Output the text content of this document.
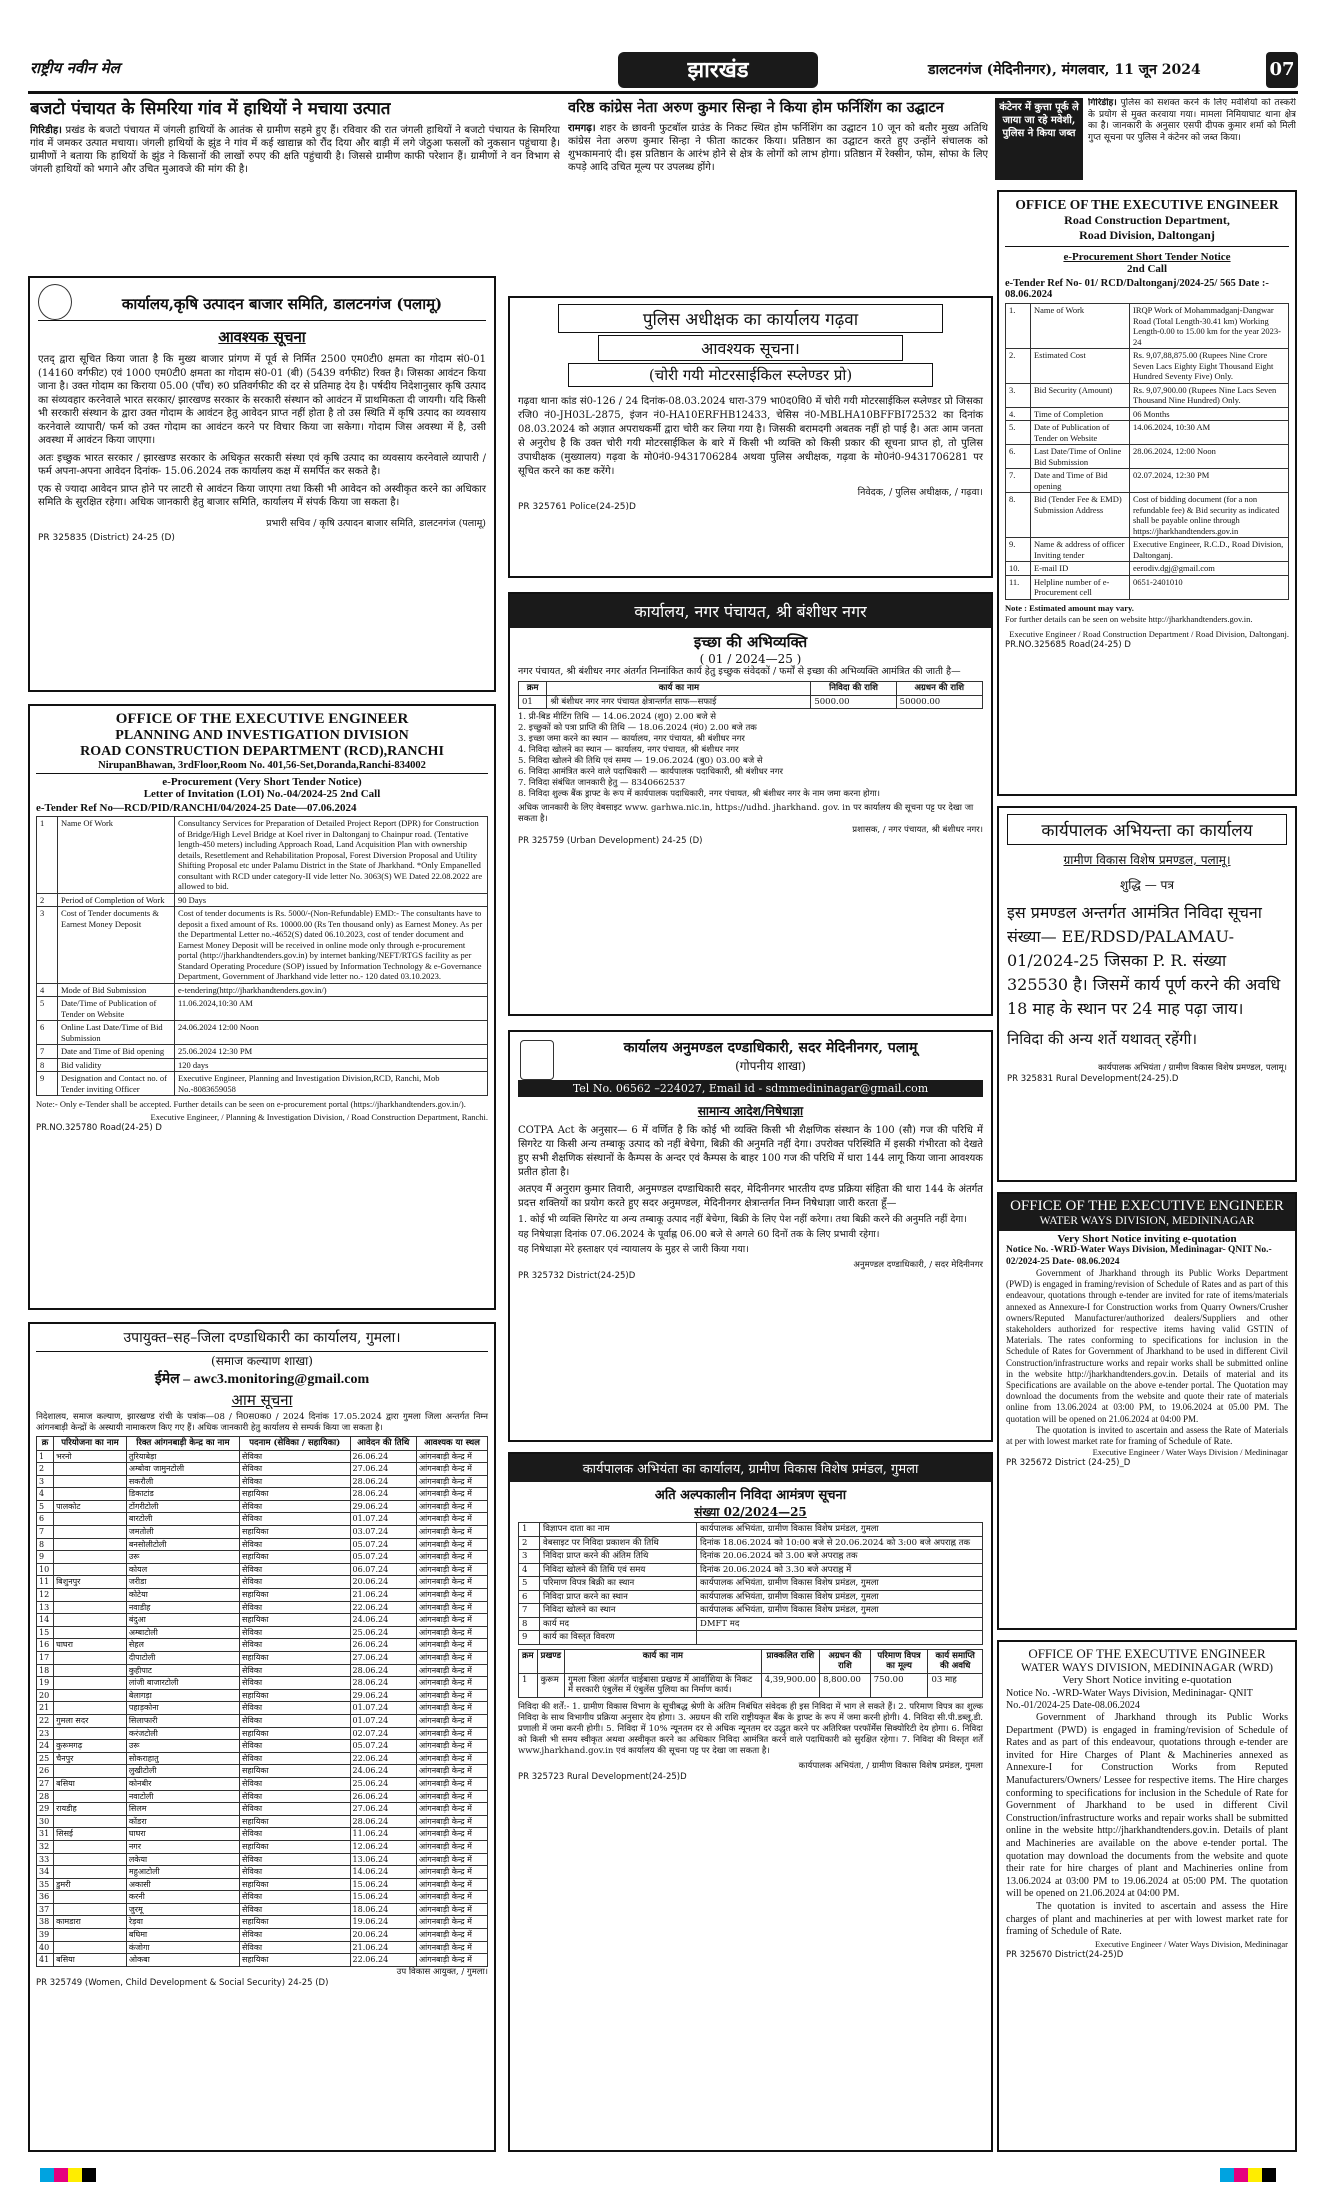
राष्ट्रीय नवीन मेल	झारखंड	डालटनगंज (मेदिनीनगर), मंगलवार, 11 जून 2024	07
बजटो पंचायत के सिमरिया गांव में हाथियों ने मचाया उत्पात
गिरिडीह। प्रखंड के बजटो पंचायत में जंगली हाथियों के आतंक से ग्रामीण सहमे हुए हैं। रविवार की रात जंगली हाथियों ने बजटो पंचायत के सिमरिया गांव में जमकर उत्पात मचाया। जंगली हाथियों के झुंड ने गांव में कई खाद्यान्न को रौंद दिया और बाड़ी में लगे जेठुआ फसलों को नुकसान पहुंचाया है। ग्रामीणों ने बताया कि हाथियों के झुंड ने किसानों की लाखों रुपए की क्षति पहुंचायी है। जिससे ग्रामीण काफी परेशान हैं। ग्रामीणों ने वन विभाग से जंगली हाथियों को भगाने और उचित मुआवजे की मांग की है।
वरिष्ठ कांग्रेस नेता अरुण कुमार सिन्हा ने किया होम फर्निशिंग का उद्घाटन
रामगढ़। शहर के छावनी फुटबॉल ग्राउंड के निकट स्थित होम फर्निशिंग का उद्घाटन 10 जून को बतौर मुख्य अतिथि कांग्रेस नेता अरुण कुमार सिन्हा ने फीता काटकर किया। प्रतिष्ठान का उद्घाटन करते हुए उन्होंने संचालक को शुभकामनाएं दी। इस प्रतिष्ठान के आरंभ होने से क्षेत्र के लोगों को लाभ होगा। प्रतिष्ठान में रेक्सीन, फोम, सोफा के लिए कपड़े आदि उचित मूल्य पर उपलब्ध होंगे।
कंटेनर में कुत्ता पूर्क ले जाया जा रहे मवेशी, पुलिस ने किया जब्त
गिरिडीह। पुलिस को सशक्त करने के लिए मवेशियों को तस्करी के प्रयोग से मुक्त करवाया गया। मामला निमियाघाट थाना क्षेत्र का है। जानकारी के अनुसार एसपी दीपक कुमार शर्मा को मिली गुप्त सूचना पर पुलिस ने कंटेनर को जब्त किया।
कार्यालय,कृषि उत्पादन बाजार समिति, डालटनगंज (पलामू)
आवश्यक सूचना
एतद् द्वारा सूचित किया जाता है कि मुख्य बाजार प्रांगण में पूर्व से निर्मित 2500 एम0टी0 क्षमता का गोदाम सं0-01 (14160 वर्गफीट) एवं 1000 एम0टी0 क्षमता का गोदाम सं0-01 (बी) (5439 वर्गफीट) रिक्त है। जिसका आवंटन किया जाना है। उक्त गोदाम का किराया 05.00 (पाँच) रु0 प्रतिवर्गफीट की दर से प्रतिमाह देय है। पर्षदीय निदेशानुसार कृषि उत्पाद का संव्यवहार करनेवाले भारत सरकार/ झारखण्ड सरकार के सरकारी संस्थान को आवंटन में प्राथमिकता दी जायगी। यदि किसी भी सरकारी संस्थान के द्वारा उक्त गोदाम के आवंटन हेतु आवेदन प्राप्त नहीं होता है तो उस स्थिति में कृषि उत्पाद का व्यवसाय करनेवाले व्यापारी/ फर्म को उक्त गोदाम का आवंटन करने पर विचार किया जा सकेगा। गोदाम जिस अवस्था में है, उसी अवस्था में आवंटन किया जाएगा।
अतः इच्छुक भारत सरकार / झारखण्ड सरकार के अधिकृत सरकारी संस्था एवं कृषि उत्पाद का व्यवसाय करनेवाले व्यापारी / फर्म अपना-अपना आवेदन दिनांक- 15.06.2024 तक कार्यालय कक्ष में समर्पित कर सकते है।
एक से ज्यादा आवेदन प्राप्त होने पर लाटरी से आवंटन किया जाएगा तथा किसी भी आवेदन को अस्वीकृत करने का अधिकार समिति के सुरक्षित रहेगा। अधिक जानकारी हेतु बाजार समिति, कार्यालय में संपर्क किया जा सकता है।
प्रभारी सचिव / कृषि उत्पादन बाजार समिति, डालटनगंज (पलामू)
PR 325835 (District) 24-25 (D)
पुलिस अधीक्षक का कार्यालय गढ़वा
आवश्यक सूचना।
(चोरी गयी मोटरसाईकिल स्प्लेण्डर प्रो)
गढ़वा थाना कांड सं0-126 / 24 दिनांक-08.03.2024 धारा-379 भा0द0वि0 में चोरी गयी मोटरसाईकिल स्प्लेण्डर प्रो जिसका रजि0 नं0-JH03L-2875, इंजन नं0-HA10ERFHB12433, चेसिस नं0-MBLHA10BFFBI72532 का दिनांक 08.03.2024 को अज्ञात अपराधकर्मी द्वारा चोरी कर लिया गया है। जिसकी बरामदगी अबतक नहीं हो पाई है। अतः आम जनता से अनुरोध है कि उक्त चोरी गयी मोटरसाईकिल के बारे में किसी भी व्यक्ति को किसी प्रकार की सूचना प्राप्त हो, तो पुलिस उपाधीक्षक (मुख्यालय) गढ़वा के मो0नं0-9431706284 अथवा पुलिस अधीक्षक, गढ़वा के मो0नं0-9431706281 पर सूचित करने का कष्ट करेंगे।
निवेदक, / पुलिस अधीक्षक, / गढ़वा।
PR 325761 Police(24-25)D
OFFICE OF THE EXECUTIVE ENGINEER
Road Construction Department,
Road Division, Daltonganj
e-Procurement Short Tender Notice
2nd Call
e-Tender Ref No- 01/ RCD/Daltonganj/2024-25/ 565 Date :- 08.06.2024
1.	Name of Work	IRQP Work of Mohammadganj-Dangwar Road (Total Length-30.41 km) Working Length-0.00 to 15.00 km for the year 2023-24
2.	Estimated Cost	Rs. 9,07,88,875.00 (Rupees Nine Crore Seven Lacs Eighty Eight Thousand Eight Hundred Seventy Five) Only.
3.	Bid Security (Amount)	Rs. 9,07,900.00 (Rupees Nine Lacs Seven Thousand Nine Hundred) Only.
4.	Time of Completion	06 Months
5.	Date of Publication of Tender on Website	14.06.2024, 10:30 AM
6.	Last Date/Time of Online Bid Submission	28.06.2024, 12:00 Noon
7.	Date and Time of Bid opening	02.07.2024, 12:30 PM
8.	Bid (Tender Fee & EMD) Submission Address	Cost of bidding document (for a non refundable fee) & Bid security as indicated shall be payable online through https://jharkhandtenders.gov.in
9.	Name & address of officer Inviting tender	Executive Engineer, R.C.D., Road Division, Daltonganj.
10.	E-mail ID	eerodiv.dgj@gmail.com
11.	Helpline number of e-Procurement cell	0651-2401010
Note : Estimated amount may vary.
For further details can be seen on website http://jharkhandtenders.gov.in.
Executive Engineer / Road Construction Department / Road Division, Daltonganj.
PR.NO.325685 Road(24-25) D
OFFICE OF THE EXECUTIVE ENGINEER
PLANNING AND INVESTIGATION DIVISION
ROAD CONSTRUCTION DEPARTMENT (RCD),RANCHI
NirupanBhawan, 3rdFloor,Room No. 401,56-Set,Doranda,Ranchi-834002
e-Procurement (Very Short Tender Notice)
Letter of Invitation (LOI) No.-04/2024-25 2nd Call
e-Tender Ref No—RCD/PID/RANCHI/04/2024-25 Date—07.06.2024
1	Name Of Work	Consultancy Services for Preparation of Detailed Project Report (DPR) for Construction of Bridge/High Level Bridge at Koel river in Daltonganj to Chainpur road. (Tentative length-450 meters) including Approach Road, Land Acquisition Plan with ownership details, Resettlement and Rehabilitation Proposal, Forest Diversion Proposal and Utility Shifting Proposal etc under Palamu District in the State of Jharkhand. *Only Empanelled consultant with RCD under category-II vide letter No. 3063(S) WE Dated 22.08.2022 are allowed to bid.
2	Period of Completion of Work	90 Days
3	Cost of Tender documents & Earnest Money Deposit	Cost of tender documents is Rs. 5000/-(Non-Refundable) EMD:- The consultants have to deposit a fixed amount of Rs. 10000.00 (Rs Ten thousand only) as Earnest Money. As per the Departmental Letter no.-4652(S) dated 06.10.2023, cost of tender document and Earnest Money Deposit will be received in online mode only through e-procurement portal (http://jharkhandtenders.gov.in) by internet banking/NEFT/RTGS facility as per Standard Operating Procedure (SOP) issued by Information Technology & e-Governance Department, Government of Jharkhand vide letter no.- 120 dated 03.10.2023.
4	Mode of Bid Submission	e-tendering(http://jharkhandtenders.gov.in/)
5	Date/Time of Publication of Tender on Website	11.06.2024,10:30 AM
6	Online Last Date/Time of Bid Submission	24.06.2024 12:00 Noon
7	Date and Time of Bid opening	25.06.2024 12:30 PM
8	Bid validity	120 days
9	Designation and Contact no. of Tender inviting Officer	Executive Engineer, Planning and Investigation Division,RCD, Ranchi, Mob No.-8083659058
Note:- Only e-Tender shall be accepted. Further details can be seen on e-procurement portal (https://jharkhandtenders.gov.in/).
Executive Engineer, / Planning & Investigation Division, / Road Construction Department, Ranchi.
PR.NO.325780 Road(24-25) D
कार्यालय, नगर पंचायत, श्री बंशीधर नगर
इच्छा की अभिव्यक्ति
( 01 / 2024—25 )
नगर पंचायत, श्री बंशीधर नगर अंतर्गत निम्नांकित कार्य हेतु इच्छुक संवेदकों / फर्मों से इच्छा की अभिव्यक्ति आमंत्रित की जाती है—
क्रम	कार्य का नाम	निविदा की राशि	अग्रधन की राशि
01	श्री बंशीधर नगर नगर पंचायत क्षेत्रान्तर्गत साफ—सफाई	5000.00	50000.00
1. प्री-बिड मीटिंग तिथि — 14.06.2024 (शु0) 2.00 बजे से
2. इच्छुकों को पत्रा प्राप्ति की तिथि — 18.06.2024 (मं0) 2.00 बजे तक
3. इच्छा जमा करने का स्थान — कार्यालय, नगर पंचायत, श्री बंशीधर नगर
4. निविदा खोलने का स्थान — कार्यालय, नगर पंचायत, श्री बंशीधर नगर
5. निविदा खोलने की तिथि एवं समय — 19.06.2024 (बु0) 03.00 बजे से
6. निविदा आमंत्रित करने वाले पदाधिकारी — कार्यपालक पदाधिकारी, श्री बंशीधर नगर
7. निविदा संबंधित जानकारी हेतु — 8340662537
8. निविदा शुल्क बैंक ड्राफ्ट के रूप में कार्यपालक पदाधिकारी, नगर पंचायत, श्री बंशीधर नगर के नाम जमा करना होगा।
अधिक जानकारी के लिए वेबसाइट www. garhwa.nic.in, https://udhd. jharkhand. gov. in पर कार्यालय की सूचना पट्ट पर देखा जा सकता है।
प्रशासक, / नगर पंचायत, श्री बंशीधर नगर।
PR 325759 (Urban Development) 24-25 (D)	कार्यपालक अभियन्ता का कार्यालय
ग्रामीण विकास विशेष प्रमण्डल, पलामू।
शुद्धि — पत्र
इस प्रमण्डल अन्तर्गत आमंत्रित निविदा सूचना संख्या— EE/RDSD/PALAMAU-01/2024-25 जिसका P. R. संख्या 325530 है। जिसमें कार्य पूर्ण करने की अवधि 18 माह के स्थान पर 24 माह पढ़ा जाय।
निविदा की अन्य शर्ते यथावत् रहेंगी।
कार्यपालक अभियंता / ग्रामीण विकास विशेष प्रमण्डल, पलामू।
PR 325831 Rural Development(24-25).D
कार्यालय अनुमण्डल दण्डाधिकारी, सदर मेदिनीनगर, पलामू
(गोपनीय शाखा)
Tel No. 06562 –224027, Email id - sdmmedininagar@gmail.com
सामान्य आदेश/निषेधाज्ञा
COTPA Act के अनुसार— 6 में वर्णित है कि कोई भी व्यक्ति किसी भी शैक्षणिक संस्थान के 100 (सौ) गज की परिधि में सिगरेट या किसी अन्य तम्बाकू उत्पाद को नहीं बेचेगा, बिक्री की अनुमति नहीं देगा। उपरोक्त परिस्थिति में इसकी गंभीरता को देखते हुए सभी शैक्षणिक संस्थानों के कैम्पस के अन्दर एवं कैम्पस के बाहर 100 गज की परिधि में धारा 144 लागू किया जाना आवश्यक प्रतीत होता है।
अतएव मैं अनुराग कुमार तिवारी, अनुमण्डल दण्डाधिकारी सदर, मेदिनीनगर भारतीय दण्ड प्रक्रिया संहिता की धारा 144 के अंतर्गत प्रदत्त शक्तियों का प्रयोग करते हुए सदर अनुमण्डल, मेदिनीनगर क्षेत्रान्तर्गत निम्न निषेधाज्ञा जारी करता हूँ—
1. कोई भी व्यक्ति सिगरेट या अन्य तम्बाकू उत्पाद नहीं बेचेगा, बिक्री के लिए पेश नहीं करेगा। तथा बिक्री करने की अनुमति नहीं देगा।
यह निषेधाज्ञा दिनांक 07.06.2024 के पूर्वाह्न 06.00 बजे से अगले 60 दिनों तक के लिए प्रभावी रहेगा।
यह निषेधाज्ञा मेरे हस्ताक्षर एवं न्यायालय के मुहर से जारी किया गया।
अनुमण्डल दण्डाधिकारी, / सदर मेदिनीनगर
PR 325732 District(24-25)D
OFFICE OF THE EXECUTIVE ENGINEER
WATER WAYS DIVISION, MEDININAGAR
Very Short Notice inviting e-quotation
Notice No. -WRD-Water Ways Division, Medininagar- QNIT No.- 02/2024-25 Date- 08.06.2024
Government of Jharkhand through its Public Works Department (PWD) is engaged in framing/revision of Schedule of Rates and as part of this endeavour, quotations through e-tender are invited for rate of items/materials annexed as Annexure-I for Construction works from Quarry Owners/Crusher owners/Reputed Manufacturer/authorized dealers/Suppliers and other stakeholders authorized for respective items having valid GSTIN of Materials. The rates conforming to specifications for inclusion in the Schedule of Rates for Government of Jharkhand to be used in different Civil Construction/infrastructure works and repair works shall be submitted online in the website http://jharkhandtenders.gov.in. Details of material and its Specifications are available on the above e-tender portal. The Quotation may download the documents from the website and quote their rate of materials online from 13.06.2024 at 03:00 PM, to 19.06.2024 at 05.00 PM. The quotation will be opened on 21.06.2024 at 04:00 PM.
The quotation is invited to ascertain and assess the Rate of Materials at per with lowest market rate for framing of Schedule of Rate.
Executive Engineer / Water Ways Division / Medininagar
PR 325672 District (24-25)_D
उपायुक्त–सह–जिला दण्डाधिकारी का कार्यालय, गुमला।
(समाज कल्याण शाखा)
ईमेल – awc3.monitoring@gmail.com
आम सूचना
निदेशालय, समाज कल्याण, झारखण्ड रांची के पत्रांक—08 / नि0स0क0 / 2024 दिनांक 17.05.2024 द्वारा गुमला जिला अन्तर्गत निम्न आंगनबाड़ी केन्द्रों के अस्थायी नामाकरण किए गए हैं। अधिक जानकारी हेतु कार्यालय से सम्पर्क किया जा सकता है।
क्र	परियोजना का नाम	रिक्त आंगनबाड़ी केन्द्र का नाम	पदनाम (सेविका / सहायिका)	आवेदन की तिथि	आवश्यक या स्थल
1	भरनो	तुरियाबेड़ा	सेविका	26.06.24	आंगनबाड़ी केन्द्र में
2		अम्बोवा जामुनटोली	सेविका	27.06.24	आंगनबाड़ी केन्द्र में
3		सकरौली	सेविका	28.06.24	आंगनबाड़ी केन्द्र में
4		डिकाटांड	सहायिका	28.06.24	आंगनबाड़ी केन्द्र में
5	पालकोट	टोंगरीटोली	सेविका	29.06.24	आंगनबाड़ी केन्द्र में
6		बारटोली	सेविका	01.07.24	आंगनबाड़ी केन्द्र में
7		जमतोली	सहायिका	03.07.24	आंगनबाड़ी केन्द्र में
8		बनसोलीटोली	सेविका	05.07.24	आंगनबाड़ी केन्द्र में
9		उरू	सहायिका	05.07.24	आंगनबाड़ी केन्द्र में
10		कोयल	सेविका	06.07.24	आंगनबाड़ी केन्द्र में
11	बिशुनपुर	जरीडा	सेविका	20.06.24	आंगनबाड़ी केन्द्र में
12		कोटेया	सहायिका	21.06.24	आंगनबाड़ी केन्द्र में
13		नवाडीह	सेविका	22.06.24	आंगनबाड़ी केन्द्र में
14		बंदुआ	सहायिका	24.06.24	आंगनबाड़ी केन्द्र में
15		अम्बाटोली	सेविका	25.06.24	आंगनबाड़ी केन्द्र में
16	घाघरा	सेहल	सेविका	26.06.24	आंगनबाड़ी केन्द्र में
17		दीपाटोली	सहायिका	27.06.24	आंगनबाड़ी केन्द्र में
18		कुहीपाट	सेविका	28.06.24	आंगनबाड़ी केन्द्र में
19		लांजी बाजारटोली	सेविका	28.06.24	आंगनबाड़ी केन्द्र में
20		बेलागड़ा	सहायिका	29.06.24	आंगनबाड़ी केन्द्र में
21		पहाड़कोना	सेविका	01.07.24	आंगनबाड़ी केन्द्र में
22	गुमला सदर	सिलाफारी	सेविका	01.07.24	आंगनबाड़ी केन्द्र में
23		करंजटोली	सहायिका	02.07.24	आंगनबाड़ी केन्द्र में
24	कुरूमगढ़	उरू	सेविका	05.07.24	आंगनबाड़ी केन्द्र में
25	चैनपुर	सोकराहातु	सेविका	22.06.24	आंगनबाड़ी केन्द्र में
26		लुखीटोली	सहायिका	24.06.24	आंगनबाड़ी केन्द्र में
27	बसिया	कोनबीर	सेविका	25.06.24	आंगनबाड़ी केन्द्र में
28		नवाटोली	सेविका	26.06.24	आंगनबाड़ी केन्द्र में
29	रायडीह	सिलम	सेविका	27.06.24	आंगनबाड़ी केन्द्र में
30		कोंडरा	सहायिका	28.06.24	आंगनबाड़ी केन्द्र में
31	सिसई	घाघरा	सेविका	11.06.24	आंगनबाड़ी केन्द्र में
32		नगर	सहायिका	12.06.24	आंगनबाड़ी केन्द्र में
33		लकेया	सेविका	13.06.24	आंगनबाड़ी केन्द्र में
34		महुआटोली	सेविका	14.06.24	आंगनबाड़ी केन्द्र में
35	डुमरी	अकासी	सहायिका	15.06.24	आंगनबाड़ी केन्द्र में
36		करनी	सेविका	15.06.24	आंगनबाड़ी केन्द्र में
37		जुरमू	सेविका	18.06.24	आंगनबाड़ी केन्द्र में
38	कामडारा	रेड़वा	सहायिका	19.06.24	आंगनबाड़ी केन्द्र में
39		बघिमा	सेविका	20.06.24	आंगनबाड़ी केन्द्र में
40		कंजोगा	सेविका	21.06.24	आंगनबाड़ी केन्द्र में
41	बसिया	ओकबा	सहायिका	22.06.24	आंगनबाड़ी केन्द्र में
उप विकास आयुक्त, / गुमला।
PR 325749 (Women, Child Development & Social Security) 24-25 (D)
कार्यपालक अभियंता का कार्यालय, ग्रामीण विकास विशेष प्रमंडल, गुमला
अति अल्पकालीन निविदा आमंत्रण सूचना
संख्या 02/2024—25
1	विज्ञापन दाता का नाम	कार्यपालक अभियंता, ग्रामीण विकास विशेष प्रमंडल, गुमला
2	वेबसाइट पर निविदा प्रकाशन की तिथि	दिनांक 18.06.2024 को 10:00 बजे से 20.06.2024 को 3:00 बजे अपराह्न तक
3	निविदा प्राप्त करने की अंतिम तिथि	दिनांक 20.06.2024 को 3.00 बजे अपराह्न तक
4	निविदा खोलने की तिथि एवं समय	दिनांक 20.06.2024 को 3.30 बजे अपराह्न में
5	परिमाण विपत्र बिक्री का स्थान	कार्यपालक अभियंता, ग्रामीण विकास विशेष प्रमंडल, गुमला
6	निविदा प्राप्त करने का स्थान	कार्यपालक अभियंता, ग्रामीण विकास विशेष प्रमंडल, गुमला
7	निविदा खोलने का स्थान	कार्यपालक अभियंता, ग्रामीण विकास विशेष प्रमंडल, गुमला
8	कार्य मद	DMFT मद
9	कार्य का विस्तृत विवरण	
क्रम	प्रखण्ड	कार्य का नाम	प्राक्कलित राशि	अग्रधन की राशि	परिमाण विपत्र का मूल्य	कार्य समाप्ति की अवधि
1	कुरूम	गुमला जिला अंतर्गत चाईबासा प्रखण्ड में आर्वाशिया के निकट में सरकारी एंबुलेंस में एंबुलेंस पुलिया का निर्माण कार्य।	4,39,900.00	8,800.00	750.00	03 माह
निविदा की शर्तें:- 1. ग्रामीण विकास विभाग के सूचीबद्ध श्रेणी के अंतिम निबंधित संवेदक ही इस निविदा में भाग ले सकते हैं। 2. परिमाण विपत्र का शुल्क निविदा के साथ विभागीय प्रक्रिया अनुसार देय होगा। 3. अग्रधन की राशि राष्ट्रीयकृत बैंक के ड्राफ्ट के रूप में जमा करनी होगी। 4. निविदा सी.पी.डब्लू.डी. प्रणाली में जमा करनी होगी। 5. निविदा में 10% न्यूनतम दर से अधिक न्यूनतम दर उद्धृत करने पर अतिरिक्त परफॉर्मेंस सिक्योरिटी देय होगा। 6. निविदा को किसी भी समय स्वीकृत अथवा अस्वीकृत करने का अधिकार निविदा आमंत्रित करने वाले पदाधिकारी को सुरक्षित रहेगा। 7. निविदा की विस्तृत शर्तें www.jharkhand.gov.in एवं कार्यालय की सूचना पट्ट पर देखा जा सकता है।
कार्यपालक अभियंता, / ग्रामीण विकास विशेष प्रमंडल, गुमला
PR 325723 Rural Development(24-25)D
OFFICE OF THE EXECUTIVE ENGINEER
WATER WAYS DIVISION, MEDININAGAR (WRD)
Very Short Notice inviting e-quotation
Notice No. -WRD-Water Ways Division, Medininagar- QNIT No.-01/2024-25 Date-08.06.2024
Government of Jharkhand through its Public Works Department (PWD) is engaged in framing/revision of Schedule of Rates and as part of this endeavour, quotations through e-tender are invited for Hire Charges of Plant & Machineries annexed as Annexure-I for Construction Works from Reputed Manufacturers/Owners/ Lessee for respective items. The Hire charges conforming to specifications for inclusion in the Schedule of Rate for Government of Jharkhand to be used in different Civil Construction/infrastructure works and repair works shall be submitted online in the website http://jharkhandtenders.gov.in. Details of plant and Machineries are available on the above e-tender portal. The quotation may download the documents from the website and quote their rate for hire charges of plant and Machineries online from 13.06.2024 at 03:00 PM to 19.06.2024 at 05:00 PM. The quotation will be opened on 21.06.2024 at 04:00 PM.
The quotation is invited to ascertain and assess the Hire charges of plant and machineries at per with lowest market rate for framing of Schedule of Rate.
Executive Engineer / Water Ways Division, Medininagar
PR 325670 District(24-25)D
